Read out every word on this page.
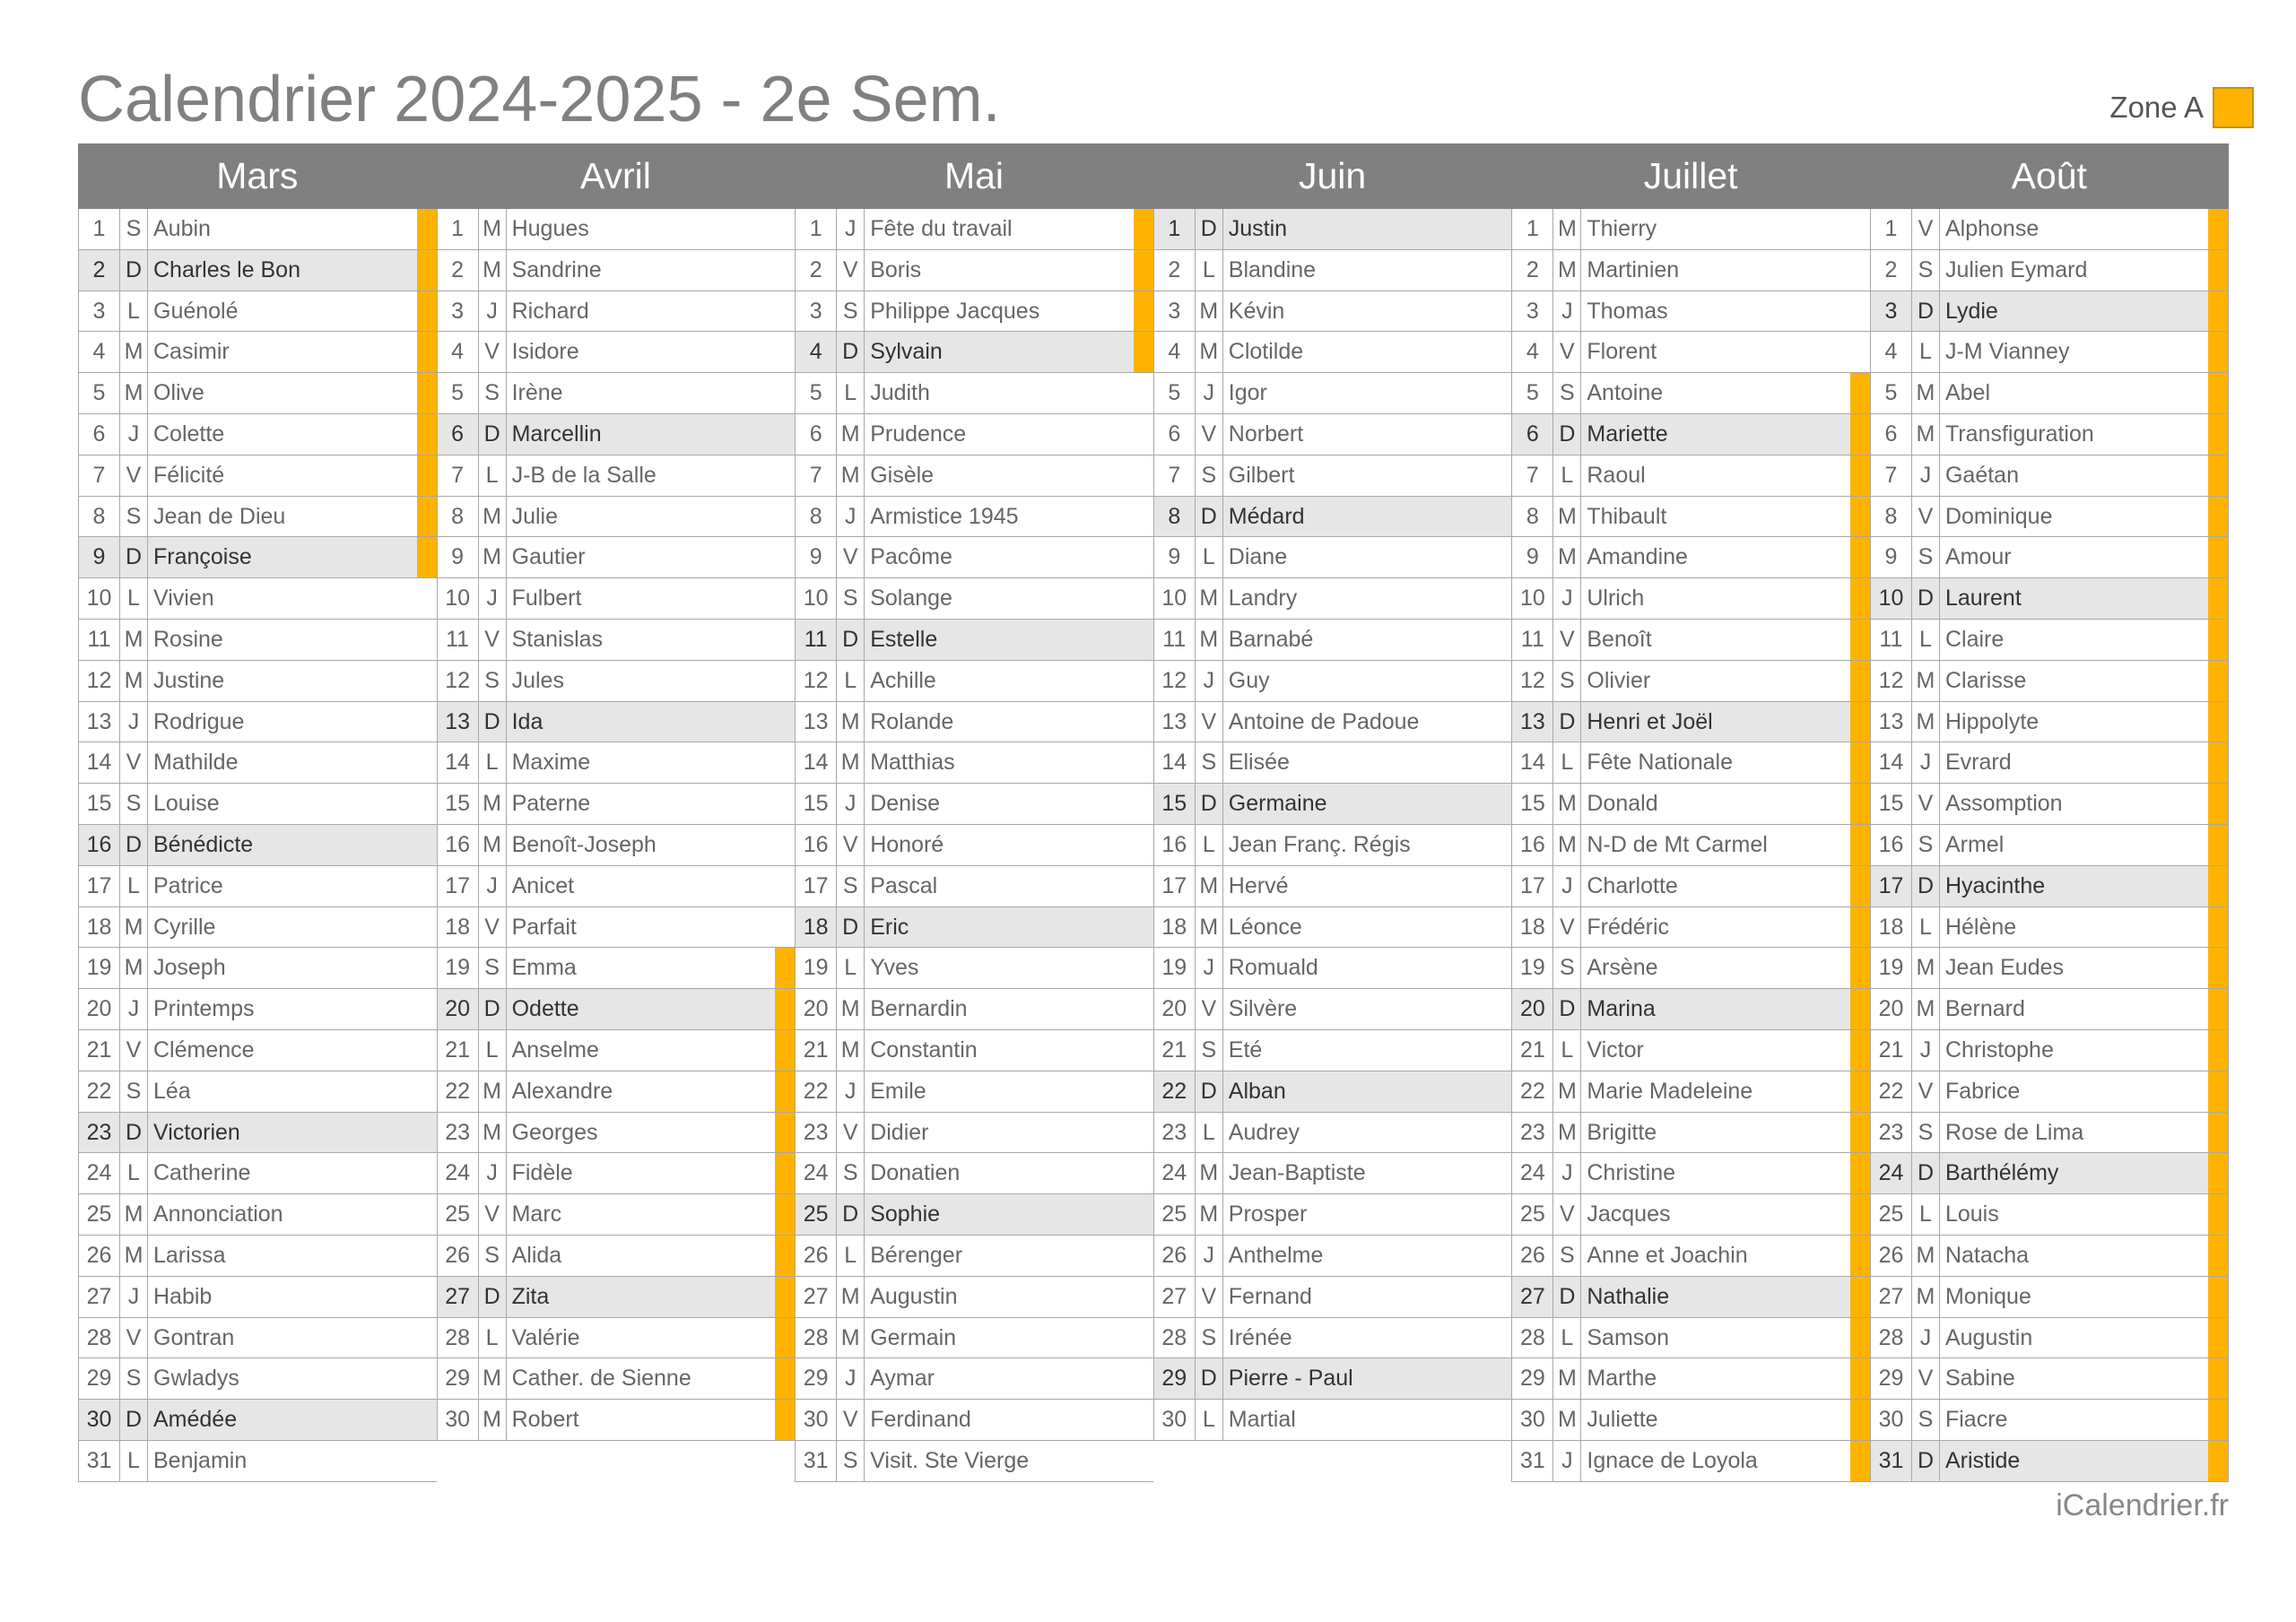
Calendrier 2024-2025 - 2e Sem.	Zone A
Mars
1 S Aubin
2 D Charles le Bon
3 L Guénolé
4 M Casimir
5 M Olive
6	J Colette
7 V Félicité
8 S Jean de Dieu
9 D Françoise
10 L Vivien
11 M Rosine
12 M Justine
13 J Rodrigue
14 V Mathilde
15 S Louise
16 D Bénédicte
17 L Patrice
18 M Cyrille
19 M Joseph
20 J Printemps
21 V Clémence
22 S Léa
23 D Victorien
24 L Catherine
25 M Annonciation
26 M Larissa
27 J Habib
28 V Gontran
29 S Gwladys
30 D Amédée
31 L Benjamin
Avril
1 M Hugues
2 M Sandrine
3	J Richard
4 V Isidore
5 S Irène
6 D Marcellin
7 L J-B de la Salle
8 M Julie
9 M Gautier
10 J Fulbert
11 V Stanislas
12 S Jules
13 D Ida
14 L Maxime
15 M Paterne
16 M Benoît-Joseph
17 J Anicet
18 V Parfait
19 S Emma
20 D Odette
21 L Anselme
22 M Alexandre
23 M Georges
24 J Fidèle
25 V Marc
26 S Alida
27 D Zita
28 L Valérie
29 M Cather. de Sienne
30 M Robert
Mai
1	J Fête du travail
2 V Boris
3 S Philippe Jacques
4 D Sylvain
5 L Judith
6 M Prudence
7 M Gisèle
8	J Armistice 1945
9 V Pacôme
10 S Solange
11 D Estelle
12 L Achille
13 M Rolande
14 M Matthias
15 J Denise
16 V Honoré
17 S Pascal
18 D Eric
19 L Yves
20 M Bernardin
21 M Constantin
22 J Emile
23 V Didier
24 S Donatien
25 D Sophie
26 L Bérenger
27 M Augustin
28 M Germain
29 J Aymar
30 V Ferdinand
31 S Visit. Ste Vierge
Juin
1 D Justin
2 L Blandine
3 M Kévin
4 M Clotilde
5	J Igor
6 V Norbert
7 S Gilbert
8 D Médard
9 L Diane
10 M Landry
11 M Barnabé
12 J Guy
13 V Antoine de Padoue
14 S Elisée
15 D Germaine
16 L Jean Franç. Régis
17 M Hervé
18 M Léonce
19 J Romuald
20 V Silvère
21 S Eté
22 D Alban
23 L Audrey
24 M Jean-Baptiste
25 M Prosper
26 J Anthelme
27 V Fernand
28 S Irénée
29 D Pierre - Paul
30 L Martial
Juillet
1 M Thierry
2 M Martinien
3	J Thomas
4 V Florent
5 S Antoine
6 D Mariette
7 L Raoul
8 M Thibault
9 M Amandine
10 J Ulrich
11 V Benoît
12 S Olivier
13 D Henri et Joël
14 L Fête Nationale
15 M Donald
16 M N-D de Mt Carmel
17 J Charlotte
18 V Frédéric
19 S Arsène
20 D Marina
21 L Victor
22 M Marie Madeleine
23 M Brigitte
24 J Christine
25 V Jacques
26 S Anne et Joachin
27 D Nathalie
28 L Samson
29 M Marthe
30 M Juliette
31 J Ignace de Loyola
Août
1 V Alphonse
2 S Julien Eymard
3 D Lydie
4 L J-M Vianney
5 M Abel
6 M Transfiguration
7	J Gaétan
8 V Dominique
9 S Amour
10 D Laurent
11 L Claire
12 M Clarisse
13 M Hippolyte
14 J Evrard
15 V Assomption
16 S Armel
17 D Hyacinthe
18 L Hélène
19 M Jean Eudes
20 M Bernard
21 J Christophe
22 V Fabrice
23 S Rose de Lima
24 D Barthélémy
25 L Louis
26 M Natacha
27 M Monique
28 J Augustin
29 V Sabine
30 S Fiacre
31 D Aristide
iCalendrier.fr
